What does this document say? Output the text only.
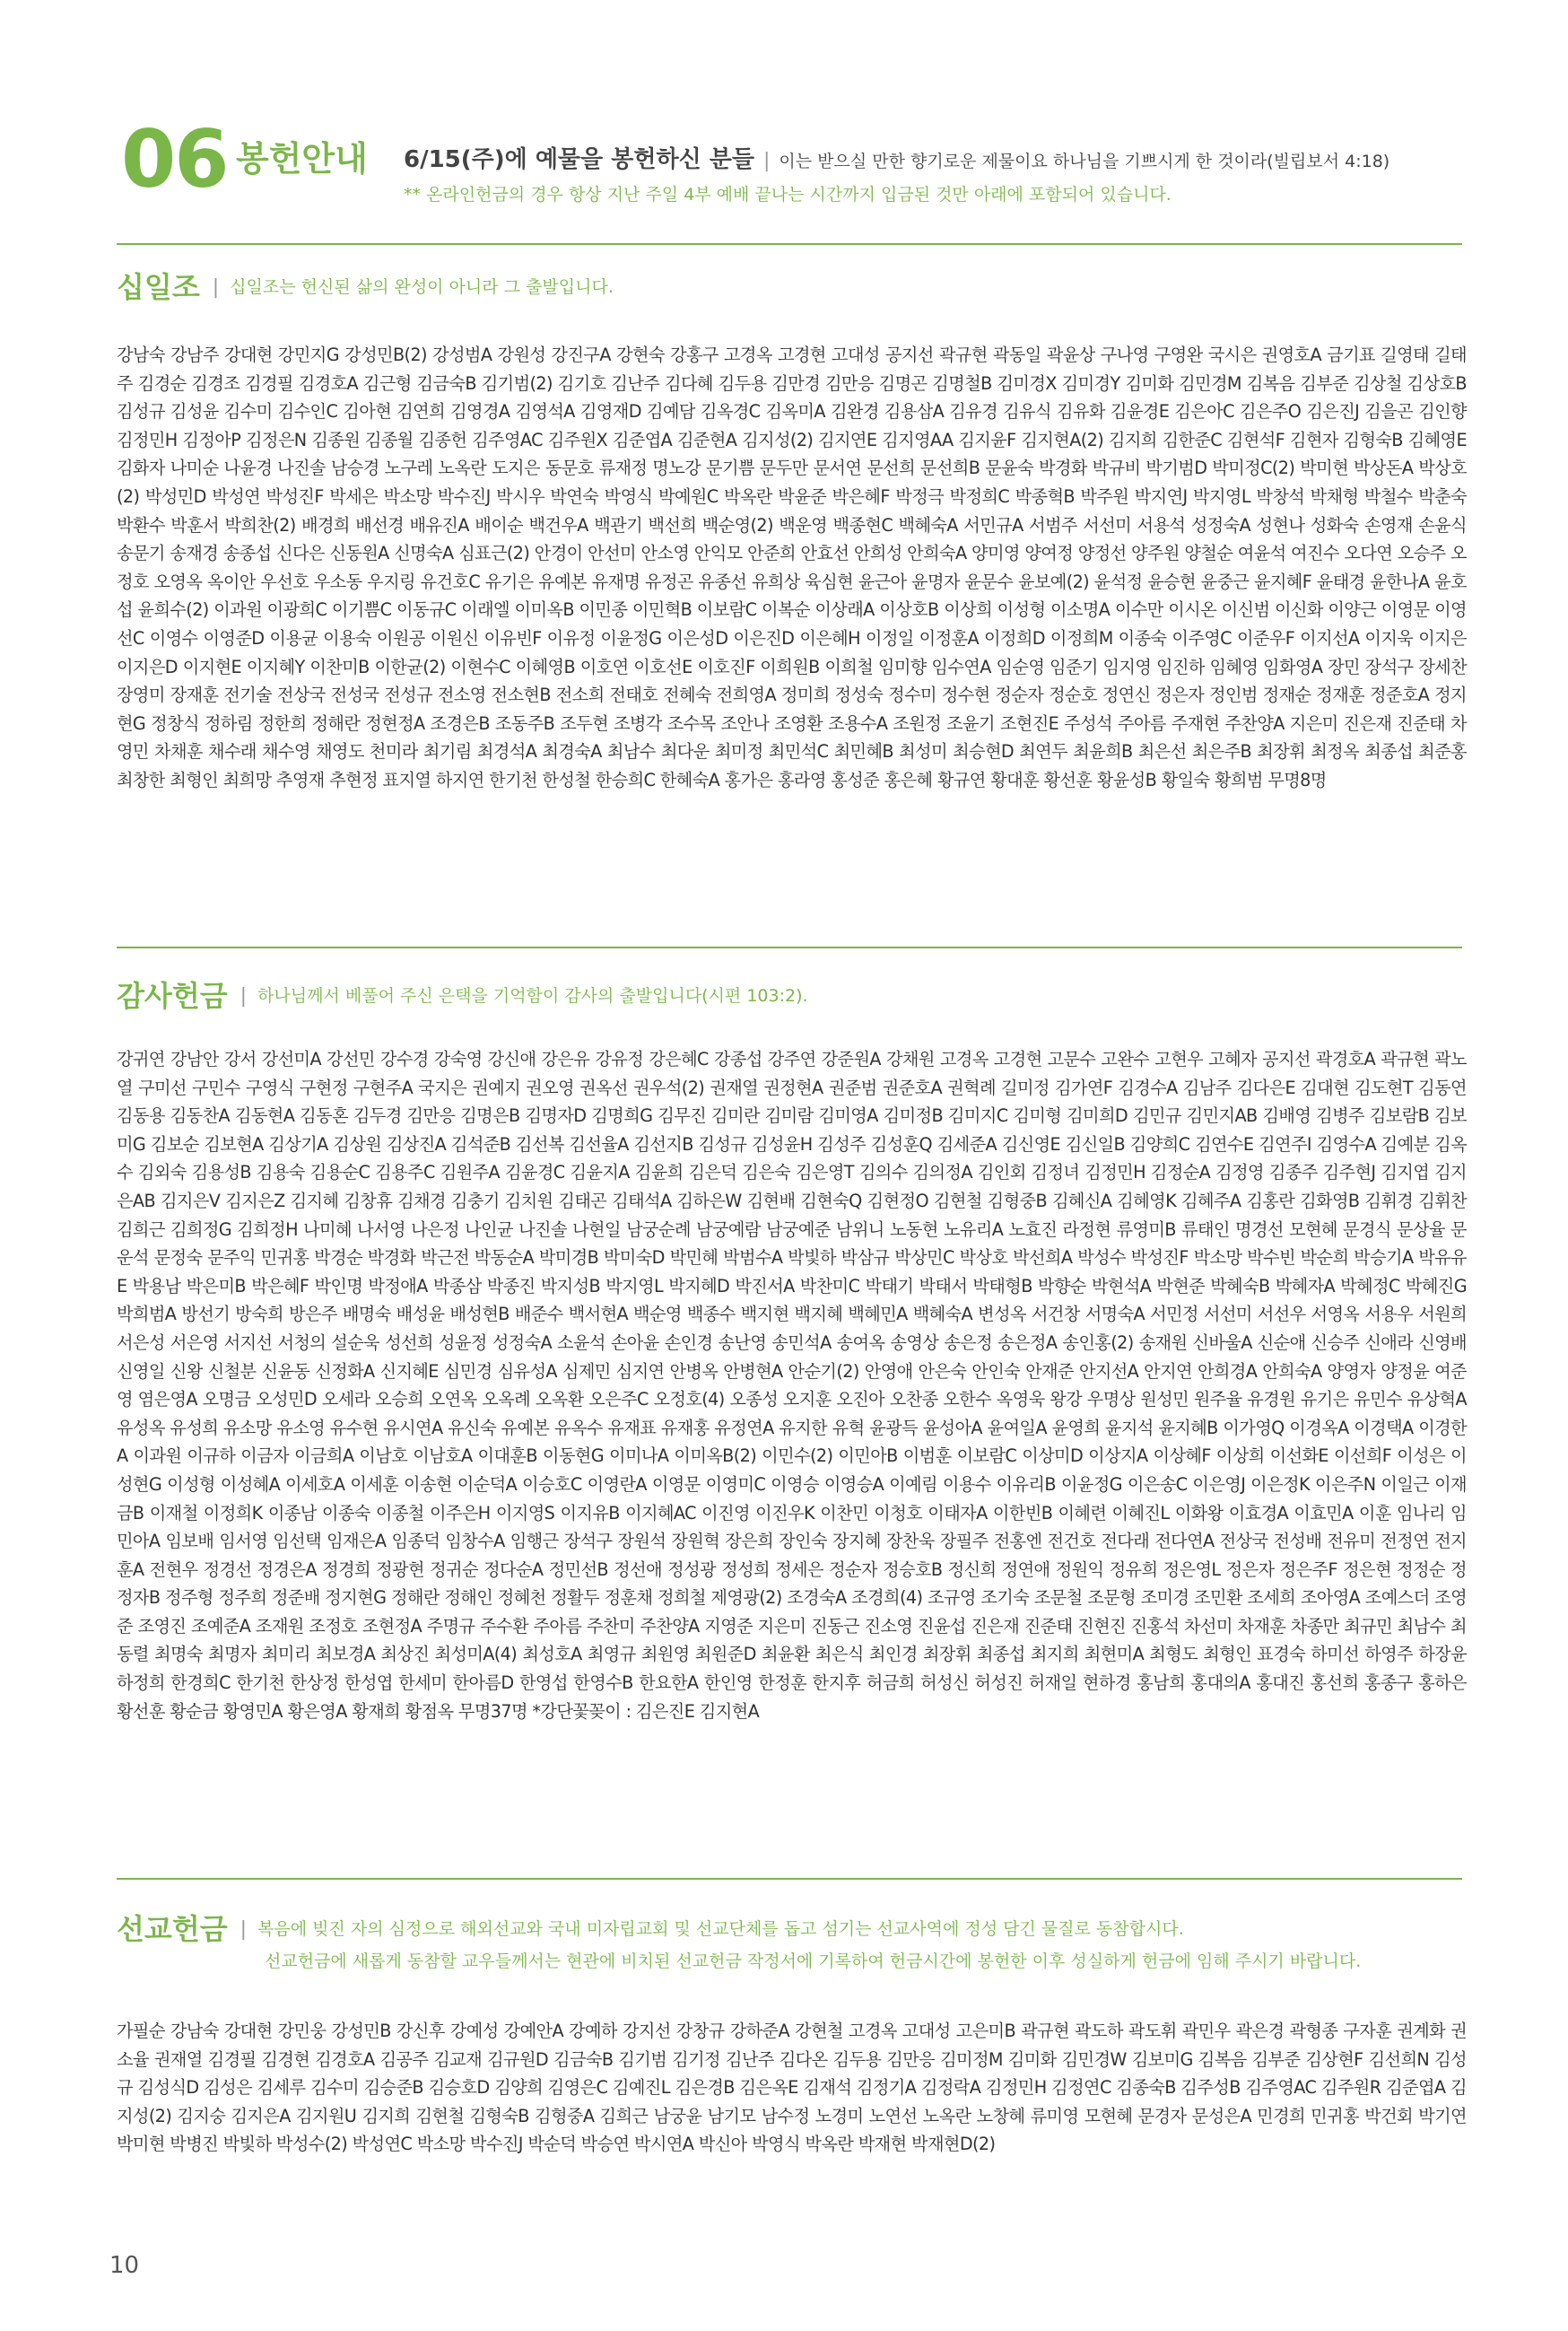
06 봉헌안내 6/15(주)에 예물을 봉헌하신 분들 | 이는 받으실 만한 향기로운 제물이요 하나님을 기쁘시게 한 것이라(빌립보서 4:18)
** 온라인헌금의 경우 항상 지난 주일 4부 예배 끝나는 시간까지 입금된 것만 아래에 포함되어 있습니다.
십일조 | 십일조는 헌신된 삶의 완성이 아니라 그 출발입니다.
강남숙 강남주 강대현 강민지G 강성민B(2) 강성범A 강원성 강진구A 강현숙 강홍구 고경옥 고경현 고대성 공지선 곽규현 곽동일 곽윤상 구나영 구영완 국시은 권영호A 금기표 길영태 길태주 김경순 김경조 김경필 김경호A 김근형 김금숙B 김기범(2) 김기호 김난주 김다혜 김두용 김만경 김만응 김명곤 김명철B 김미경X 김미경Y 김미화 김민경M 김복음 김부준 김상철 김상호B 김성규 김성윤 김수미 김수인C 김아현 김연희 김영경A 김영석A 김영재D 김예담 김옥경C 김옥미A 김완경 김용삼A 김유경 김유식 김유화 김윤경E 김은아C 김은주O 김은진J 김을곤 김인향 김정민H 김정아P 김정은N 김종원 김종월 김종헌 김주영AC 김주원X 김준엽A 김준현A 김지성(2) 김지연E 김지영AA 김지윤F 김지현A(2) 김지희 김한준C 김현석F 김현자 김형숙B 김혜영E 김화자 나미순 나윤경 나진솔 남승경 노구레 노옥란 도지은 동문호 류재정 명노강 문기쁨 문두만 문서연 문선희 문선희B 문윤숙 박경화 박규비 박기범D 박미정C(2) 박미현 박상돈A 박상호(2) 박성민D 박성연 박성진F 박세은 박소망 박수진J 박시우 박연숙 박영식 박예원C 박옥란 박윤준 박은혜F 박정극 박정희C 박종혁B 박주원 박지연J 박지영L 박창석 박채형 박철수 박춘숙 박환수 박훈서 박희찬(2) 배경희 배선경 배유진A 배이순 백건우A 백관기 백선희 백순영(2) 백운영 백종현C 백혜숙A 서민규A 서범주 서선미 서용석 성정숙A 성현나 성화숙 손영재 손윤식 송문기 송재경 송종섭 신다은 신동원A 신명숙A 심표근(2) 안경이 안선미 안소영 안익모 안준희 안효선 안희성 안희숙A 양미영 양여정 양정선 양주원 양철순 여윤석 여진수 오다연 오승주 오정호 오영옥 옥이안 우선호 우소동 우지링 유건호C 유기은 유예본 유재명 유정곤 유종선 유희상 육심현 윤근아 윤명자 윤문수 윤보예(2) 윤석정 윤승현 윤중근 윤지혜F 윤태경 윤한나A 윤호섭 윤희수(2) 이과원 이광희C 이기쁨C 이동규C 이래엘 이미옥B 이민종 이민혁B 이보람C 이복순 이상래A 이상호B 이상희 이성형 이소명A 이수만 이시온 이신범 이신화 이양근 이영문 이영선C 이영수 이영준D 이용균 이용숙 이원공 이원신 이유빈F 이유정 이윤정G 이은성D 이은진D 이은혜H 이정일 이정훈A 이정희D 이정희M 이종숙 이주영C 이준우F 이지선A 이지욱 이지은 이지은D 이지현E 이지혜Y 이찬미B 이한균(2) 이현수C 이혜영B 이호연 이호선E 이호진F 이희원B 이희철 임미향 임수연A 임순영 임준기 임지영 임진하 임혜영 임화영A 장민 장석구 장세찬 장영미 장재훈 전기술 전상국 전성국 전성규 전소영 전소현B 전소희 전태호 전혜숙 전희영A 정미희 정성숙 정수미 정수현 정순자 정순호 정연신 정은자 정인범 정재순 정재훈 정준호A 정지현G 정창식 정하림 정한희 정해란 정현정A 조경은B 조동주B 조두현 조병각 조수목 조안나 조영환 조용수A 조원정 조윤기 조현진E 주성석 주아름 주재현 주찬양A 지은미 진은재 진준태 차영민 차채훈 채수래 채수영 채영도 천미라 최기림 최경석A 최경숙A 최남수 최다운 최미정 최민석C 최민혜B 최성미 최승현D 최연두 최윤희B 최은선 최은주B 최장휘 최정옥 최종섭 최준홍 최창한 최형인 최희망 추영재 추현정 표지열 하지연 한기천 한성철 한승희C 한혜숙A 홍가은 홍라영 홍성준 홍은혜 황규연 황대훈 황선훈 황윤성B 황일숙 황희범 무명8명
감사헌금 | 하나님께서 베풀어 주신 은택을 기억함이 감사의 출발입니다(시편 103:2).
강귀연 강남안 강서 강선미A 강선민 강수경 강숙영 강신애 강은유 강유정 강은혜C 강종섭 강주연 강준원A 강채원 고경옥 고경현 고문수 고완수 고현우 고혜자 공지선 곽경호A 곽규현 곽노열 구미선 구민수 구영식 구현정 구현주A 국지은 권예지 권오영 권옥선 권우석(2) 권재열 권정현A 권준범 권준호A 권혁례 길미정 김가연F 김경수A 김남주 김다은E 김대현 김도현T 김동연 김동용 김동찬A 김동현A 김동혼 김두경 김만응 김명은B 김명자D 김명희G 김무진 김미란 김미람 김미영A 김미정B 김미지C 김미형 김미희D 김민규 김민지AB 김배영 김병주 김보람B 김보미G 김보순 김보현A 김상기A 김상원 김상진A 김석준B 김선복 김선율A 김선지B 김성규 김성윤H 김성주 김성훈Q 김세준A 김신영E 김신일B 김양희C 김연수E 김연주I 김영수A 김예분 김옥수 김외숙 김용성B 김용숙 김용순C 김용주C 김원주A 김윤경C 김윤지A 김윤희 김은덕 김은숙 김은영T 김의수 김의정A 김인회 김정녀 김정민H 김정순A 김정영 김종주 김주현J 김지엽 김지은AB 김지은V 김지은Z 김지혜 김창휴 김채경 김충기 김치원 김태곤 김태석A 김하은W 김현배 김현숙Q 김현정O 김현철 김형중B 김혜신A 김혜영K 김혜주A 김홍란 김화영B 김휘경 김휘찬 김희근 김희정G 김희정H 나미혜 나서영 나은정 나인균 나진솔 나현일 남궁순례 남궁예람 남궁예준 남위니 노동현 노유리A 노효진 라정현 류영미B 류태인 명경선 모현혜 문경식 문상율 문운석 문정숙 문주익 민귀홍 박경순 박경화 박근전 박동순A 박미경B 박미숙D 박민혜 박범수A 박빛하 박삼규 박상민C 박상호 박선희A 박성수 박성진F 박소망 박수빈 박순희 박승기A 박유유E 박용남 박은미B 박은혜F 박인명 박정애A 박종삼 박종진 박지성B 박지영L 박지혜D 박진서A 박찬미C 박태기 박태서 박태형B 박향순 박현석A 박현준 박혜숙B 박혜자A 박혜정C 박혜진G 박희범A 방선기 방숙희 방은주 배명숙 배성윤 배성현B 배준수 백서현A 백순영 백종수 백지현 백지혜 백혜민A 백혜숙A 변성옥 서건창 서명숙A 서민정 서선미 서선우 서영옥 서용우 서원희 서은성 서은영 서지선 서청의 설순욱 성선희 성윤정 성정숙A 소윤석 손아윤 손인경 송난영 송민석A 송여옥 송영상 송은정 송은정A 송인홍(2) 송재원 신바울A 신순애 신승주 신애라 신영배 신영일 신왕 신철분 신윤동 신정화A 신지혜E 심민경 심유성A 심제민 심지연 안병옥 안병현A 안순기(2) 안영애 안은숙 안인숙 안재준 안지선A 안지연 안희경A 안희숙A 양영자 양정윤 여준영 염은영A 오명금 오성민D 오세라 오승희 오연옥 오옥례 오옥환 오은주C 오정호(4) 오종성 오지훈 오진아 오찬종 오한수 옥영욱 왕강 우명상 원성민 원주율 유경원 유기은 유민수 유상혁A 유성옥 유성희 유소망 유소영 유수현 유시연A 유신숙 유예본 유옥수 유재표 유재홍 유정연A 유지한 유혁 윤광득 윤성아A 윤여일A 윤영희 윤지석 윤지혜B 이가영Q 이경옥A 이경택A 이경한A 이과원 이규하 이금자 이금희A 이남호 이남호A 이대훈B 이동현G 이미나A 이미옥B(2) 이민수(2) 이민아B 이범훈 이보람C 이상미D 이상지A 이상혜F 이상희 이선화E 이선희F 이성은 이성현G 이성형 이성혜A 이세호A 이세훈 이송현 이순덕A 이승호C 이영란A 이영문 이영미C 이영승 이영승A 이예림 이용수 이유리B 이윤정G 이은송C 이은영J 이은정K 이은주N 이일근 이재금B 이재철 이정희K 이종남 이종숙 이종철 이주은H 이지영S 이지유B 이지혜AC 이진영 이진우K 이찬민 이청호 이태자A 이한빈B 이혜련 이혜진L 이화왕 이효경A 이효민A 이훈 임나리 임민아A 임보배 임서영 임선택 임재은A 임종덕 임창수A 임행근 장석구 장원석 장원혁 장은희 장인숙 장지혜 장찬욱 장필주 전홍엔 전건호 전다래 전다연A 전상국 전성배 전유미 전정연 전지훈A 전현우 정경선 정경은A 정경희 정광현 정귀순 정다순A 정민선B 정선애 정성광 정성희 정세은 정순자 정승호B 정신희 정연애 정원익 정유희 정은영L 정은자 정은주F 정은현 정정순 정정자B 정주형 정주희 정준배 정지현G 정해란 정해인 정혜천 정활두 정훈채 정희철 제영광(2) 조경숙A 조경희(4) 조규영 조기숙 조문철 조문형 조미경 조민환 조세희 조아영A 조예스더 조영준 조영진 조예준A 조재원 조정호 조현정A 주명규 주수환 주아름 주찬미 주찬양A 지영준 지은미 진동근 진소영 진윤섭 진은재 진준태 진현진 진홍석 차선미 차재훈 차종만 최규민 최남수 최동렬 최명숙 최명자 최미리 최보경A 최상진 최성미A(4) 최성호A 최영규 최원영 최원준D 최윤환 최은식 최인경 최장휘 최종섭 최지희 최현미A 최형도 최형인 표경숙 하미선 하영주 하장윤 하정희 한경희C 한기천 한상정 한성엽 한세미 한아름D 한영섭 한영수B 한요한A 한인영 한정훈 한지후 허금희 허성신 허성진 허재일 현하경 홍남희 홍대의A 홍대진 홍선희 홍종구 홍하은 황선훈 황순금 황영민A 황은영A 황재희 황점옥 무명37명 *강단꽃꽂이 : 김은진E 김지현A
선교헌금 | 복음에 빚진 자의 심정으로 해외선교와 국내 미자립교회 및 선교단체를 돕고 섬기는 선교사역에 정성 담긴 물질로 동참합시다.
선교헌금에 새롭게 동참할 교우들께서는 현관에 비치된 선교헌금 작정서에 기록하여 헌금시간에 봉헌한 이후 성실하게 헌금에 임해 주시기 바랍니다.
가필순 강남숙 강대현 강민웅 강성민B 강신후 강예성 강예안A 강예하 강지선 강창규 강하준A 강현철 고경옥 고대성 고은미B 곽규현 곽도하 곽도휘 곽민우 곽은경 곽형종 구자훈 권계화 권소율 권재열 김경필 김경현 김경호A 김공주 김교재 김규원D 김금숙B 김기범 김기정 김난주 김다온 김두용 김만응 김미정M 김미화 김민경W 김보미G 김복음 김부준 김상현F 김선희N 김성규 김성식D 김성은 김세루 김수미 김승준B 김승호D 김양희 김영은C 김예진L 김은경B 김은옥E 김재석 김정기A 김정락A 김정민H 김정연C 김종숙B 김주성B 김주영AC 김주원R 김준엽A 김지성(2) 김지숭 김지은A 김지원U 김지희 김현철 김형숙B 김형중A 김희근 남궁윤 남기모 남수정 노경미 노연선 노옥란 노창혜 류미영 모현혜 문경자 문성은A 민경희 민귀홍 박건회 박기연 박미현 박병진 박빛하 박성수(2) 박성연C 박소망 박수진J 박순덕 박승연 박시연A 박신아 박영식 박옥란 박재현 박재현D(2)
10
